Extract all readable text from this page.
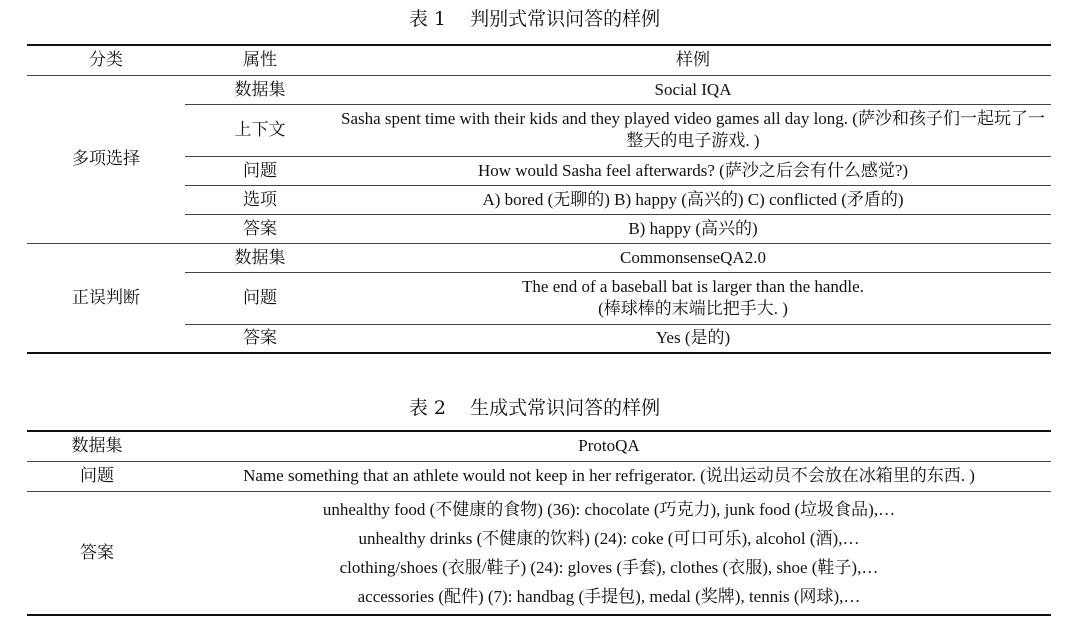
表 1    判别式常识问答的样例
分类	属性	样例
多项选择	数据集	Social IQA
	上下文	Sasha spent time with their kids and they played video games all day long. (萨沙和孩子们一起玩了一整天的电子游戏. )
	问题	How would Sasha feel afterwards? (萨沙之后会有什么感觉?)
	选项	A) bored (无聊的) B) happy (高兴的) C) conflicted (矛盾的)
	答案	B) happy (高兴的)
正误判断	数据集	CommonsenseQA2.0
	问题	The end of a baseball bat is larger than the handle.
(棒球棒的末端比把手大. )

	答案	Yes (是的)
表 2    生成式常识问答的样例
数据集	ProtoQA
问题	Name something that an athlete would not keep in her refrigerator. (说出运动员不会放在冰箱里的东西. )
答案	unhealthy food (不健康的食物) (36): chocolate (巧克力), junk food (垃圾食品),…
unhealthy drinks (不健康的饮料) (24): coke (可口可乐), alcohol (酒),…
clothing/shoes (衣服/鞋子) (24): gloves (手套), clothes (衣服), shoe (鞋子),…
accessories (配件) (7): handbag (手提包), medal (奖牌), tennis (网球),…
